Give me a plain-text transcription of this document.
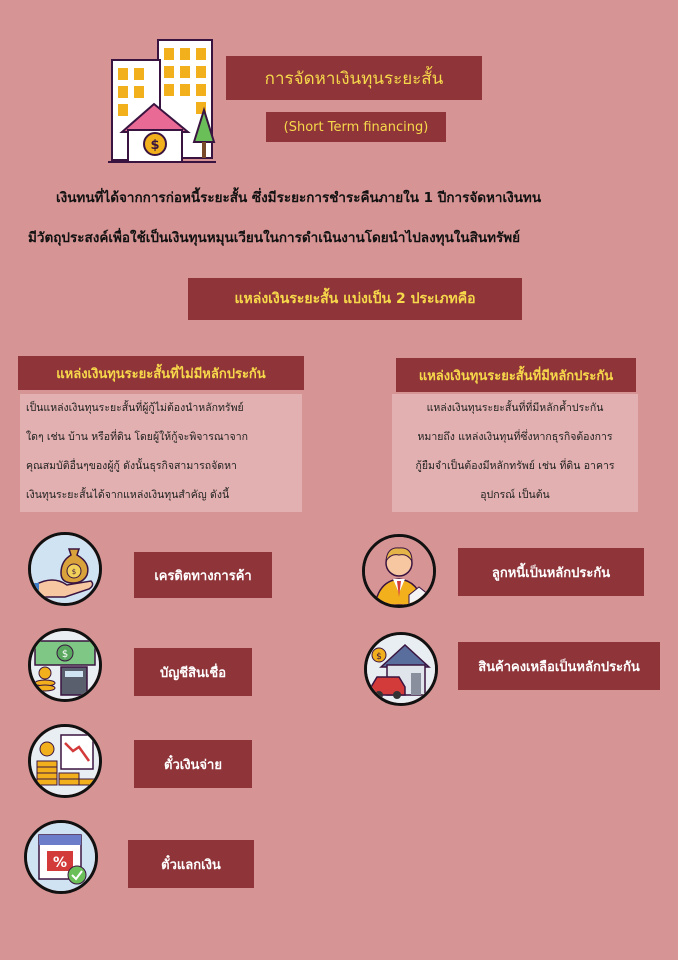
$
การจัดหาเงินทุนระยะสั้น
(Short Term financing)
เงินทนที่ได้จากการก่อหนี้ระยะสั้น ซึ่งมีระยะการชำระคืนภายใน 1 ปีการจัดหาเงินทน
มีวัตถุประสงค์เพื่อใช้เป็นเงินทุนหมุนเวียนในการดำเนินงานโดยนำไปลงทุนในสินทรัพย์
แหล่งเงินระยะสั้น แบ่งเป็น 2 ประเภทคือ
แหล่งเงินทุนระยะสั้นที่ไม่มีหลักประกัน
เป็นแหล่งเงินทุนระยะสั้นที่ผู้กู้ไม่ต้องนำหลักทรัพย์
ใดๆ เช่น บ้าน หรือที่ดิน โดยผู้ให้กู้จะพิจารณาจาก
คุณสมบัติอื่นๆของผู้กู้ ดังนั้นธุรกิจสามารถจัดหา
เงินทุนระยะสั้นได้จากแหล่งเงินทุนสำคัญ ดังนี้
แหล่งเงินทุนระยะสั้นที่มีหลักประกัน
แหล่งเงินทุนระยะสั้นที่ที่มีหลักค้ำประกัน
หมายถึง แหล่งเงินทุนที่ซึ่งหากธุรกิจต้องการ
กู้ยืมจำเป็นต้องมีหลักทรัพย์ เช่น ที่ดิน อาคาร
อุปกรณ์ เป็นต้น
$	เครดิตทางการค้า
$
บัญชีสินเชื่อ
ตั๋วเงินจ่าย
%	ตั๋วแลกเงิน
ลูกหนี้เป็นหลักประกัน
$
สินค้าคงเหลือเป็นหลักประกัน
